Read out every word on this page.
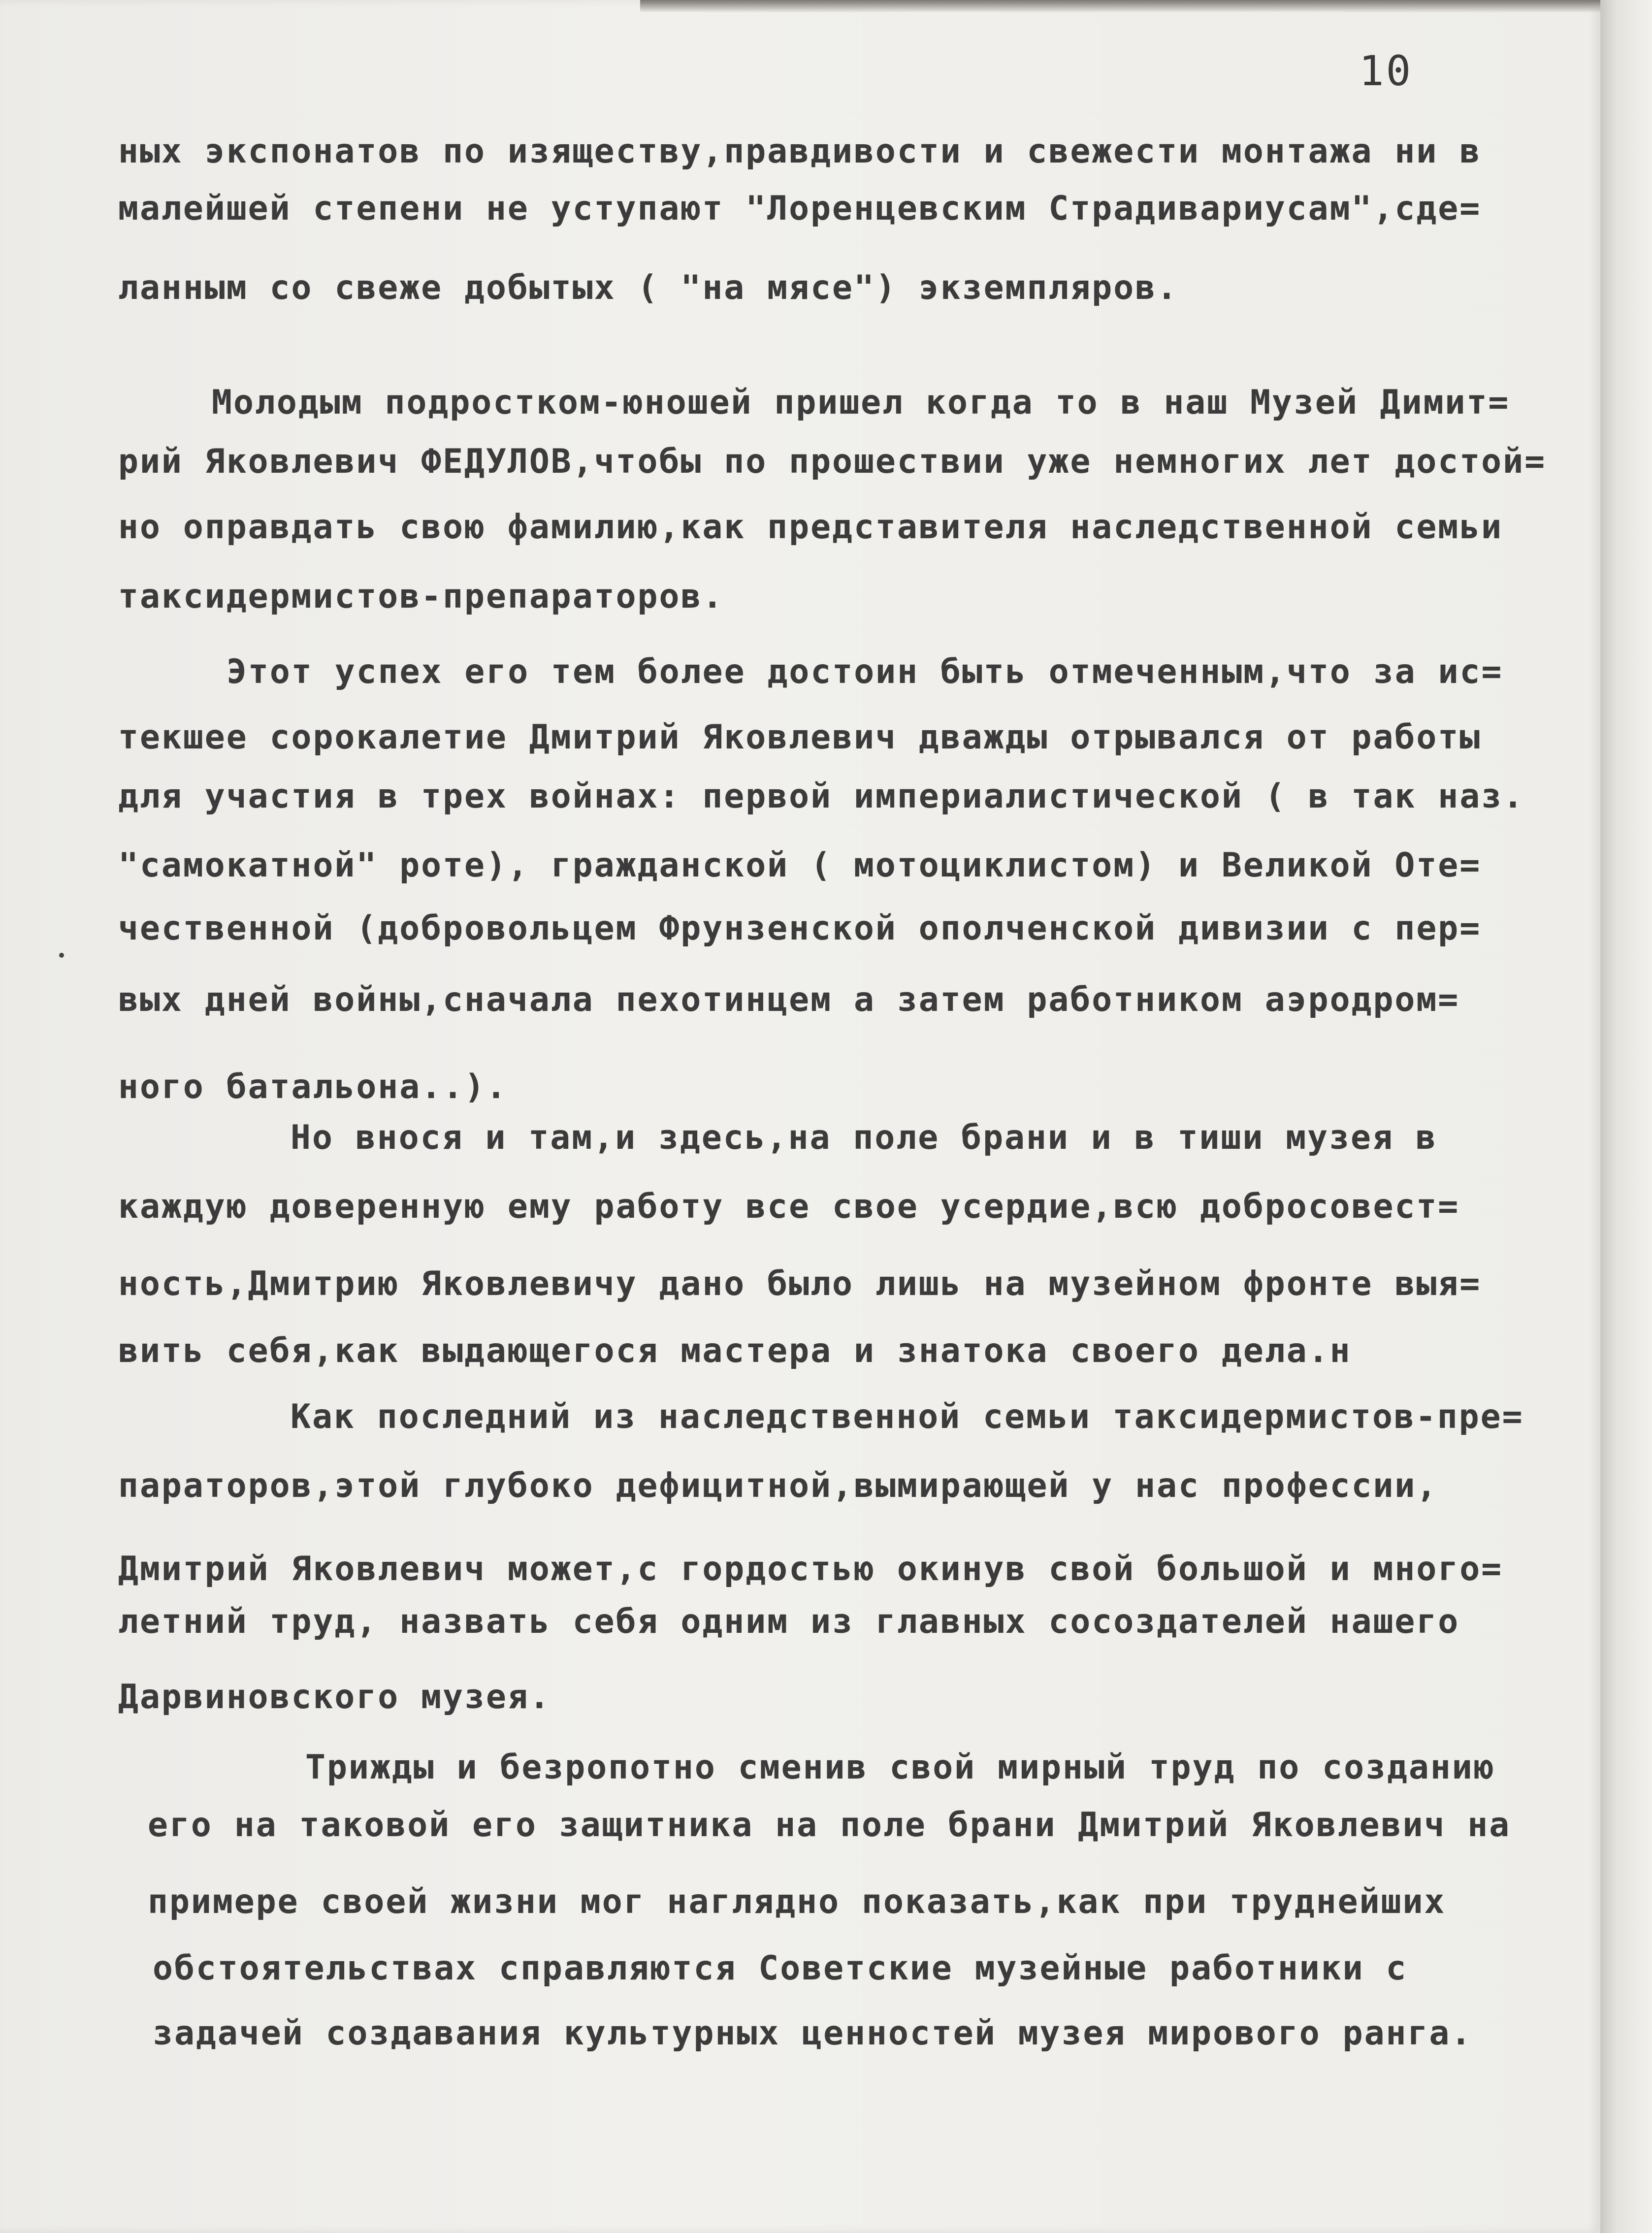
10
ных экспонатов по изяществу,правдивости и свежести монтажа ни в
малейшей степени не уступают "Лоренцевским Страдивариусам",сде=
ланным со свеже добытых ( "на мясе") экземпляров.
Молодым подростком-юношей пришел когда то в наш Музей Димит=
рий Яковлевич ФЕДУЛОВ,чтобы по прошествии уже немногих лет достой=
но оправдать свою фамилию,как представителя наследственной семьи
таксидермистов-препараторов.
Этот успех его тем более достоин быть отмеченным,что за ис=
текшее сорокалетие Дмитрий Яковлевич дважды отрывался от работы
для участия в трех войнах: первой империалистической ( в так наз.
"самокатной" роте), гражданской ( мотоциклистом) и Великой Оте=
чественной (добровольцем Фрунзенской ополченской дивизии с пер=
вых дней войны,сначала пехотинцем а затем работником аэродром=
ного батальона..).
Но внося и там,и здесь,на поле брани и в тиши музея в
каждую доверенную ему работу все свое усердие,всю добросовест=
ность,Дмитрию Яковлевичу дано было лишь на музейном фронте выя=
вить себя,как выдающегося мастера и знатока своего дела.н
Как последний из наследственной семьи таксидермистов-пре=
параторов,этой глубоко дефицитной,вымирающей у нас профессии,
Дмитрий Яковлевич может,с гордостью окинув свой большой и много=
летний труд, назвать себя одним из главных сосоздателей нашего
Дарвиновского музея.
Трижды и безропотно сменив свой мирный труд по созданию
его на таковой его защитника на поле брани Дмитрий Яковлевич на
примере своей жизни мог наглядно показать,как при труднейших
обстоятельствах справляются Советские музейные работники с
задачей создавания культурных ценностей музея мирового ранга.
